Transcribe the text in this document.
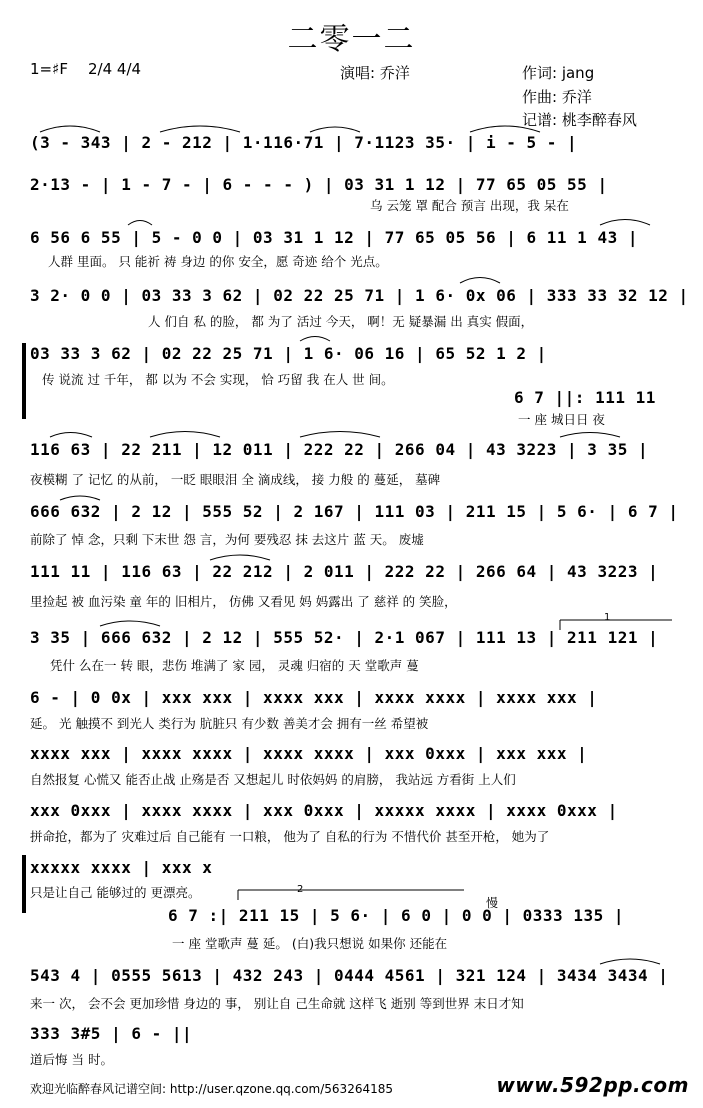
二零一二
1=♯F 2/4 4/4	演唱: 乔洋	作词: jang
作曲: 乔洋
记谱: 桃李醉春风
(3 - 343 | 2 - 212 | 1·116·71 | 7·1123 35· | i - 5 - |
2·13 - | 1 - 7 - | 6 - - - ) | 03 31 1 12 | 77 65 05 55 |
乌 云笼 罩 配合 预言 出现，我 呆在
6 56 6 55 | 5 - 0 0 | 03 31 1 12 | 77 65 05 56 | 6 11 1 43 |
人群 里面。 只 能祈 祷 身边 的你 安全，愿 奇迹 给个 光点。
3 2· 0 0 | 03 33 3 62 | 02 22 25 71 | 1 6· 0x 06 | 333 33 32 12 |
人 们自 私 的脸， 都 为了 活过 今天， 啊！无 疑暴漏 出 真实 假面，
03 33 3 62 | 02 22 25 71 | 1 6· 06 16 | 65 52 1 2 |
传 说流 过 千年， 都 以为 不会 实现， 恰 巧留 我 在人 世 间。
6 7 ||: 111 11
一 座 城日日 夜
116 63 | 22 211 | 12 011 | 222 22 | 266 04 | 43 3223 | 3 35 |
夜模糊 了 记忆 的从前， 一眨 眼眼泪 全 滴成线， 接 力般 的 蔓延， 墓碑
666 632 | 2 12 | 555 52 | 2 167 | 111 03 | 211 15 | 5 6· | 6 7 |
前除了 悼 念，只剩 下末世 怨 言，为何 要残忍 抹 去这片 蓝 天。 废墟
111 11 | 116 63 | 22 212 | 2 011 | 222 22 | 266 64 | 43 3223 |
里捡起 被 血污染 童 年的 旧相片， 仿佛 又看见 妈 妈露出 了 慈祥 的 笑脸，
3 35 | 666 632 | 2 12 | 555 52· | 2·1 067 | 111 13 | 211 121 |
凭什 么在一 转 眼，悲伤 堆满了 家 园， 灵魂 归宿的 天 堂歌声 蔓
6 - | 0 0x | xxx xxx | xxxx xxx | xxxx xxxx | xxxx xxx |
延。 光 触摸不 到光人 类行为 肮脏只 有少数 善美才会 拥有一丝 希望被
xxxx xxx | xxxx xxxx | xxxx xxxx | xxx 0xxx | xxx xxx |
自然报复 心慌又 能否止战 止殇是否 又想起儿 时依妈妈 的肩膀， 我站远 方看街 上人们
xxx 0xxx | xxxx xxxx | xxx 0xxx | xxxxx xxxx | xxxx 0xxx |
拼命抢，都为了 灾难过后 自己能有 一口粮， 他为了 自私的行为 不惜代价 甚至开枪， 她为了
xxxxx xxxx | xxx x
只是让自己 能够过的 更漂亮。	2
1
慢
6 7 :| 211 15 | 5 6· | 6 0 | 0 0 | 0333 135 |
一 座 堂歌声 蔓 延。 (白)我只想说 如果你 还能在
543 4 | 0555 5613 | 432 243 | 0444 4561 | 321 124 | 3434 3434 |
来一 次， 会不会 更加珍惜 身边的 事， 别让自 己生命就 这样飞 逝别 等到世界 末日才知
333 3#5 | 6 - ||
道后悔 当 时。
欢迎光临醉春风记谱空间: http://user.qzone.qq.com/563264185	www.592pp.com
